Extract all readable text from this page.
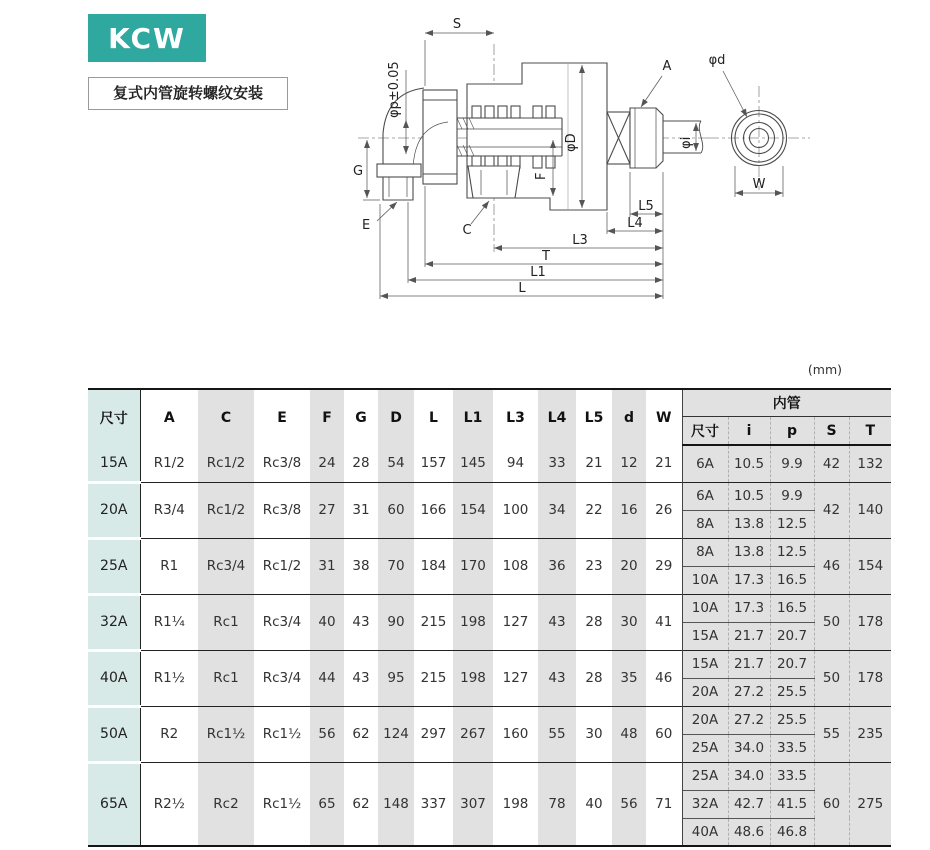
KCW
复式内管旋转螺纹安装
(mm)
S
φp±0.05
G
E	C
F
φD
A
φi
φd
W
L5
L4
L3
T
L1
L
尺寸	A	C	E	F	G	D	L	L1	L3	L4	L5	d	W	内管				
														尺寸	i	p	S	T
15A	R1/2	Rc1/2	Rc3/8	24	28	54	157	145	94	33	21	12	21	6A	10.5	9.9	42	132
20A	R3/4	Rc1/2	Rc3/8	27	31	60	166	154	100	34	22	16	26	6A	10.5	9.9	42	140
														8A	13.8	12.5		
25A	R1	Rc3/4	Rc1/2	31	38	70	184	170	108	36	23	20	29	8A	13.8	12.5	46	154
														10A	17.3	16.5		
32A	R1¼	Rc1	Rc3/4	40	43	90	215	198	127	43	28	30	41	10A	17.3	16.5	50	178
														15A	21.7	20.7		
40A	R1½	Rc1	Rc3/4	44	43	95	215	198	127	43	28	35	46	15A	21.7	20.7	50	178
														20A	27.2	25.5		
50A	R2	Rc1½	Rc1½	56	62	124	297	267	160	55	30	48	60	20A	27.2	25.5	55	235
														25A	34.0	33.5		
65A	R2½	Rc2	Rc1½	65	62	148	337	307	198	78	40	56	71	25A	34.0	33.5	60	275
														32A	42.7	41.5		
														40A	48.6	46.8		
